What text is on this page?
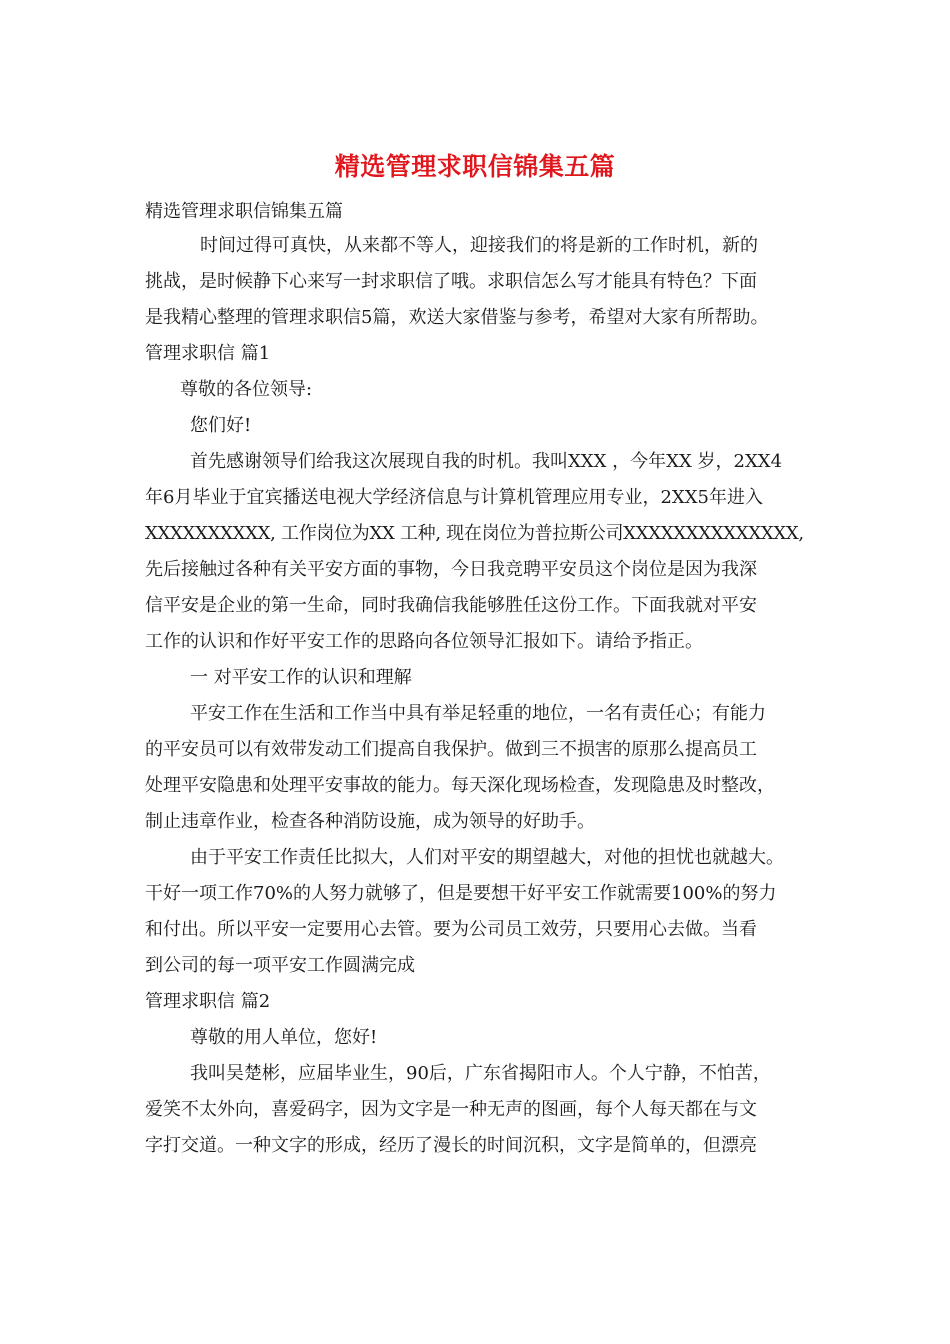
精选管理求职信锦集五篇

精选管理求职信锦集五篇

时间过得可真快，从来都不等人，迎接我们的将是新的工作时机，新的

挑战，是时候静下心来写一封求职信了哦。求职信怎么写才能具有特色？下面

是我精心整理的管理求职信5篇，欢送大家借鉴与参考，希望对大家有所帮助。

管理求职信 篇1

尊敬的各位领导:

您们好!

首先感谢领导们给我这次展现自我的时机。我叫XXX ，今年XX 岁，2XX4

年6月毕业于宜宾播送电视大学经济信息与计算机管理应用专业，2XX5年进入

XXXXXXXXXX, 工作岗位为XX 工种, 现在岗位为普拉斯公司XXXXXXXXXXXXXX,

先后接触过各种有关平安方面的事物，今日我竞聘平安员这个岗位是因为我深

信平安是企业的第一生命，同时我确信我能够胜任这份工作。下面我就对平安

工作的认识和作好平安工作的思路向各位领导汇报如下。请给予指正。

一 对平安工作的认识和理解

平安工作在生活和工作当中具有举足轻重的地位，一名有责任心；有能力

的平安员可以有效带发动工们提高自我保护。做到三不损害的原那么提高员工

处理平安隐患和处理平安事故的能力。每天深化现场检查，发现隐患及时整改，

制止违章作业，检查各种消防设施，成为领导的好助手。

由于平安工作责任比拟大，人们对平安的期望越大，对他的担忧也就越大。

干好一项工作70%的人努力就够了，但是要想干好平安工作就需要100%的努力

和付出。所以平安一定要用心去管。要为公司员工效劳，只要用心去做。当看

到公司的每一项平安工作圆满完成

管理求职信 篇2

尊敬的用人单位，您好!

我叫吴楚彬，应届毕业生，90后，广东省揭阳市人。个人宁静，不怕苦，

爱笑不太外向，喜爱码字，因为文字是一种无声的图画，每个人每天都在与文

字打交道。一种文字的形成，经历了漫长的时间沉积，文字是简单的，但漂亮
